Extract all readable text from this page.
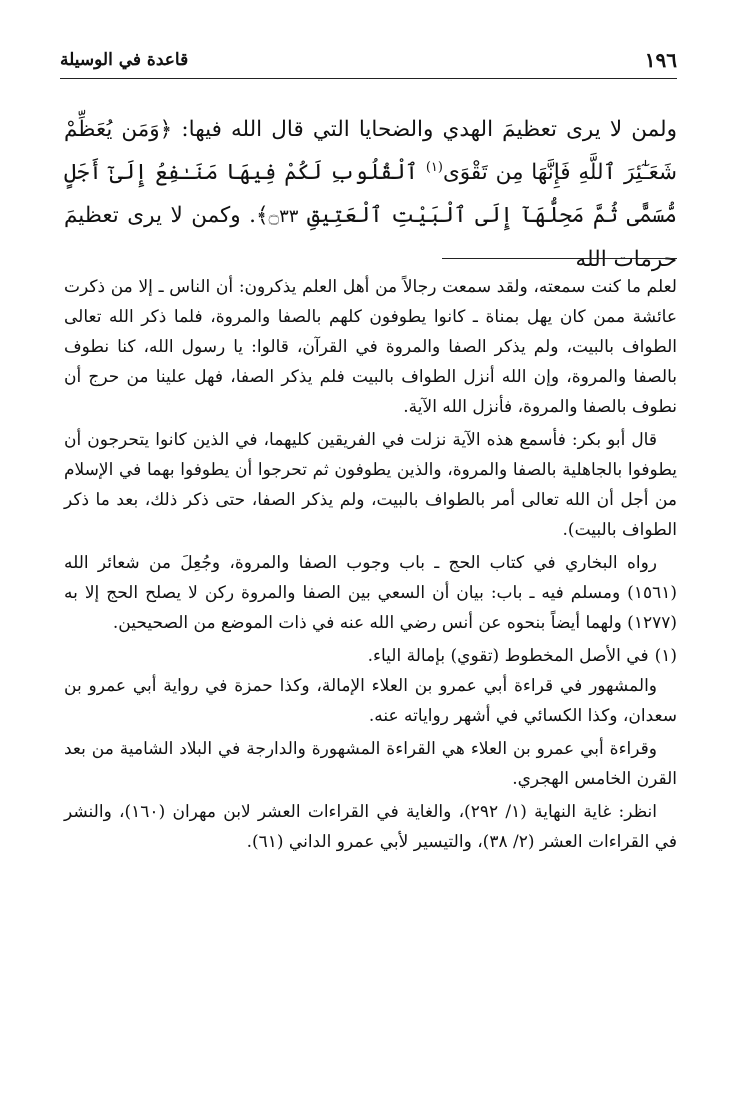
١٩٦
قاعدة في الوسيلة

ولمن لا يرى تعظيمَ الهدي والضحايا التي قال الله فيها: ﴿وَمَن يُعَظِّمْ شَعَـٰٓئِرَ ٱللَّهِ فَإِنَّهَا مِن تَقْوَى$^{(١)}$ ٱلْقُلُوبِ لَكُمْ فِيهَا مَنَـٰفِعُ إِلَىٰٓ أَجَلٍ مُّسَمًّى ثُمَّ مَحِلُّهَآ إِلَى ٱلْبَيْتِ ٱلْعَتِيقِ ۝٣٣﴾. وكمن لا يرى تعظيمَ حرمات الله

لعلم ما كنت سمعته، ولقد سمعت رجالاً من أهل العلم يذكرون: أن الناس ـ إلا من ذكرت عائشة ممن كان يهل بمناة ـ كانوا يطوفون كلهم بالصفا والمروة، فلما ذكر الله تعالى الطواف بالبيت، ولم يذكر الصفا والمروة في القرآن، قالوا: يا رسول الله، كنا نطوف بالصفا والمروة، وإن الله أنزل الطواف بالبيت فلم يذكر الصفا، فهل علينا من حرج أن نطوف بالصفا والمروة، فأنزل الله الآية.

قال أبو بكر: فأسمع هذه الآية نزلت في الفريقين كليهما، في الذين كانوا يتحرجون أن يطوفوا بالجاهلية بالصفا والمروة، والذين يطوفون ثم تحرجوا أن يطوفوا بهما في الإسلام من أجل أن الله تعالى أمر بالطواف بالبيت، ولم يذكر الصفا، حتى ذكر ذلك، بعد ما ذكر الطواف بالبيت).

رواه البخاري في كتاب الحج ـ باب وجوب الصفا والمروة، وجُعِلَ من شعائر الله (١٥٦١) ومسلم فيه ـ باب: بيان أن السعي بين الصفا والمروة ركن لا يصلح الحج إلا به (١٢٧٧) ولهما أيضاً بنحوه عن أنس رضي الله عنه في ذات الموضع من الصحيحين.

(١)
في الأصل المخطوط (تقوي) بإمالة الياء.

والمشهور في قراءة أبي عمرو بن العلاء الإمالة، وكذا حمزة في رواية أبي عمرو بن سعدان، وكذا الكسائي في أشهر رواياته عنه.

وقراءة أبي عمرو بن العلاء هي القراءة المشهورة والدارجة في البلاد الشامية من بعد القرن الخامس الهجري.

انظر: غاية النهاية (١/ ٢٩٢)، والغاية في القراءات العشر لابن مهران (١٦٠)، والنشر في القراءات العشر (٢/ ٣٨)، والتيسير لأبي عمرو الداني (٦١).
